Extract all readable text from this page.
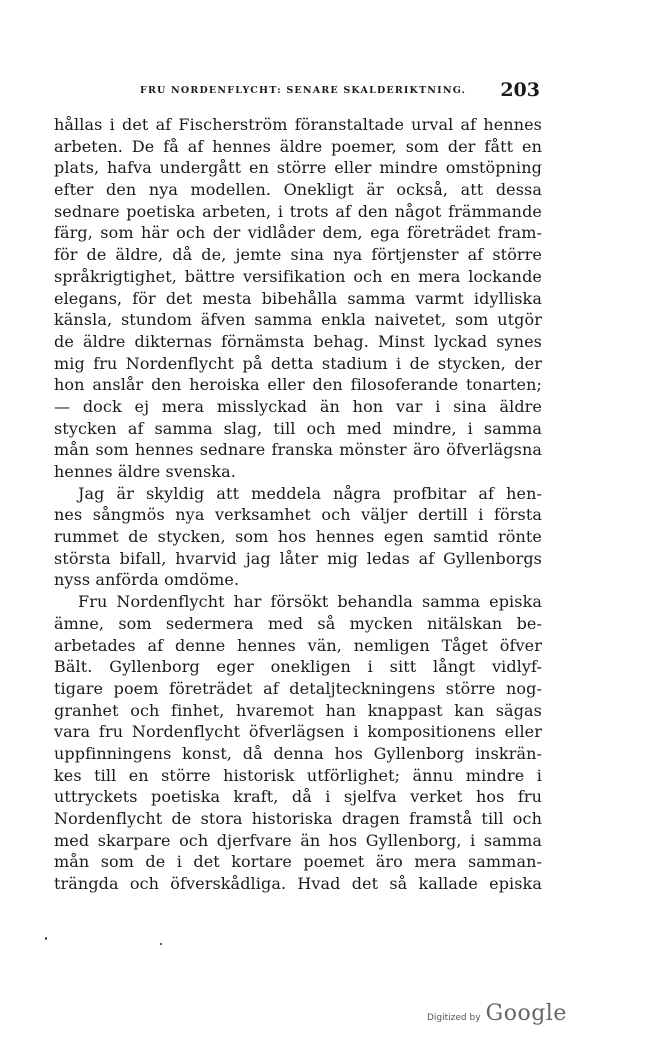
FRU NORDENFLYCHT: SENARE SKALDERIKTNING. 203
hållas i det af Fischerström föranstaltade urval af hennes
arbeten. De få af hennes äldre poemer, som der fått en
plats, hafva undergått en större eller mindre omstöpning
efter den nya modellen. Onekligt är också, att dessa
sednare poetiska arbeten, i trots af den något främmande
färg, som här och der vidlåder dem, ega företrädet fram-
för de äldre, då de, jemte sina nya förtjenster af större
språkrigtighet, bättre versifikation och en mera lockande
elegans, för det mesta bibehålla samma varmt idylliska
känsla, stundom äfven samma enkla naivetet, som utgör
de äldre dikternas förnämsta behag. Minst lyckad synes
mig fru Nordenflycht på detta stadium i de stycken, der
hon anslår den heroiska eller den filosoferande tonarten;
— dock ej mera misslyckad än hon var i sina äldre
stycken af samma slag, till och med mindre, i samma
mån som hennes sednare franska mönster äro öfverlägsna
hennes äldre svenska.
Jag är skyldig att meddela några profbitar af hen-
nes sångmös nya verksamhet och väljer dertill i första
rummet de stycken, som hos hennes egen samtid rönte
största bifall, hvarvid jag låter mig ledas af Gyllenborgs
nyss anförda omdöme.
Fru Nordenflycht har försökt behandla samma episka
ämne, som sedermera med så mycken nitälskan be-
arbetades af denne hennes vän, nemligen Tåget öfver
Bält. Gyllenborg eger onekligen i sitt långt vidlyf-
tigare poem företrädet af detaljteckningens större nog-
granhet och finhet, hvaremot han knappast kan sägas
vara fru Nordenflycht öfverlägsen i kompositionens eller
uppfinningens konst, då denna hos Gyllenborg inskrän-
kes till en större historisk utförlighet; ännu mindre i
uttryckets poetiska kraft, då i sjelfva verket hos fru
Nordenflycht de stora historiska dragen framstå till och
med skarpare och djerfvare än hos Gyllenborg, i samma
mån som de i det kortare poemet äro mera samman-
trängda och öfverskådliga. Hvad det så kallade episka
Digitized by Google
